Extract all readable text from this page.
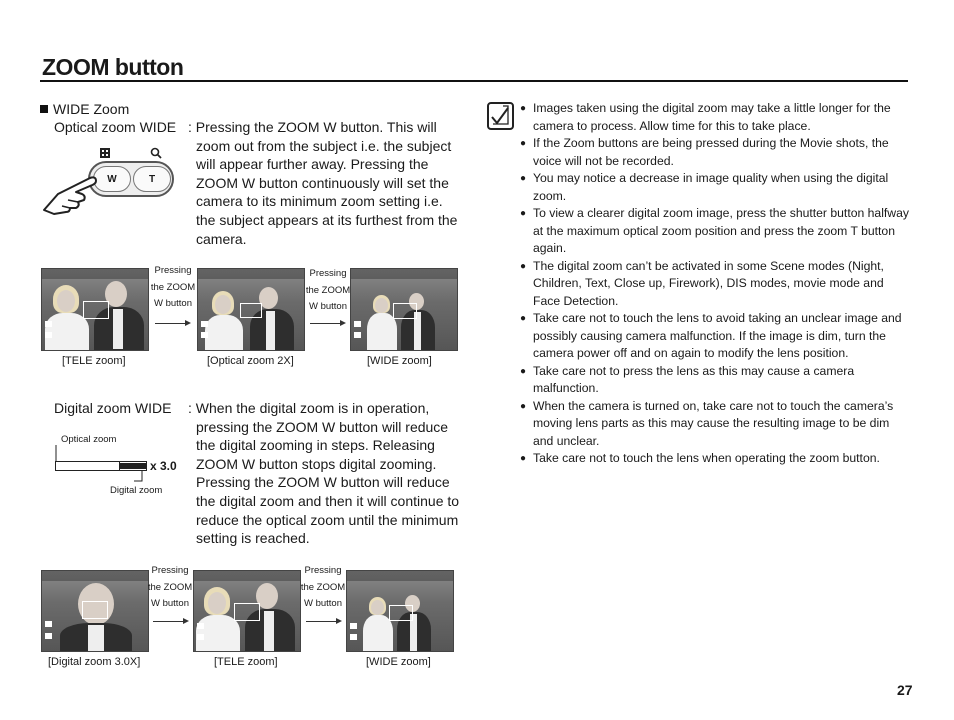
ZOOM button
WIDE Zoom
Optical zoom WIDE : Pressing the ZOOM W button. This will
zoom out from the subject i.e. the subject
will appear further away. Pressing the
ZOOM W button continuously will set the
camera to its minimum zoom setting i.e.
the subject appears at its furthest from the
camera.
W	T
Pressing
the ZOOM
W button
Pressing
the ZOOM
W button
[TELE zoom]	[Optical zoom 2X]	[WIDE zoom]
Digital zoom WIDE : When the digital zoom is in operation,
pressing the ZOOM W button will reduce
the digital zooming in steps. Releasing
ZOOM W button stops digital zooming.
Pressing the ZOOM W button will reduce
the digital zoom and then it will continue to
reduce the optical zoom until the minimum
setting is reached.
Optical zoom
x 3.0
Digital zoom
Pressing
the ZOOM
W button
Pressing
the ZOOM
W button
[Digital zoom 3.0X]	[TELE zoom]	[WIDE zoom]
● Images taken using the digital zoom may take a little longer for the camera to process. Allow time for this to take place.
● If the Zoom buttons are being pressed during the Movie shots, the voice will not be recorded.
● You may notice a decrease in image quality when using the digital zoom.
● To view a clearer digital zoom image, press the shutter button halfway at the maximum optical zoom position and press the zoom T button again.
● The digital zoom can’t be activated in some Scene modes (Night, Children, Text, Close up, Firework), DIS modes, movie mode and Face Detection.
● Take care not to touch the lens to avoid taking an unclear image and possibly causing camera malfunction. If the image is dim, turn the camera power off and on again to modify the lens position.
● Take care not to press the lens as this may cause a camera malfunction.
● When the camera is turned on, take care not to touch the camera’s moving lens parts as this may cause the resulting image to be dim and unclear.
● Take care not to touch the lens when operating the zoom button.
27
